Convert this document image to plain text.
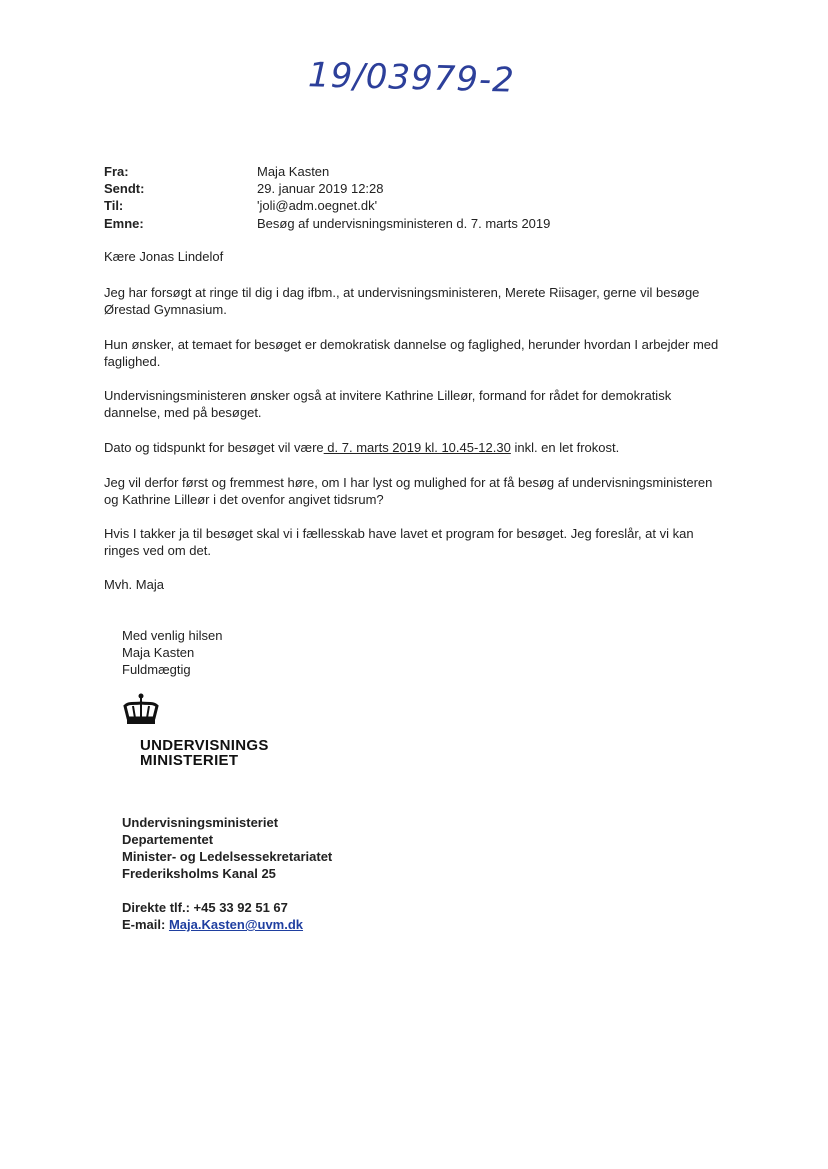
19/03979-2
Fra:	Maja Kasten
Sendt:	29. januar 2019 12:28
Til:	'joli@adm.oegnet.dk'
Emne:	Besøg af undervisningsministeren d. 7. marts 2019
Kære Jonas Lindelof
Jeg har forsøgt at ringe til dig i dag ifbm., at undervisningsministeren, Merete Riisager, gerne vil besøge Ørestad Gymnasium.
Hun ønsker, at temaet for besøget er demokratisk dannelse og faglighed, herunder hvordan I arbejder med faglighed.
Undervisningsministeren ønsker også at invitere Kathrine Lilleør, formand for rådet for demokratisk dannelse, med på besøget.
Dato og tidspunkt for besøget vil være d. 7. marts 2019 kl. 10.45-12.30 inkl. en let frokost.
Jeg vil derfor først og fremmest høre, om I har lyst og mulighed for at få besøg af undervisningsministeren og Kathrine Lilleør i det ovenfor angivet tidsrum?
Hvis I takker ja til besøget skal vi i fællesskab have lavet et program for besøget. Jeg foreslår, at vi kan ringes ved om det.
Mvh. Maja
Med venlig hilsen
Maja Kasten
Fuldmægtig
UNDERVISNINGS
MINISTERIET
Undervisningsministeriet
Departementet
Minister- og Ledelsessekretariatet
Frederiksholms Kanal 25
Direkte tlf.: +45 33 92 51 67
E-mail: Maja.Kasten@uvm.dk
